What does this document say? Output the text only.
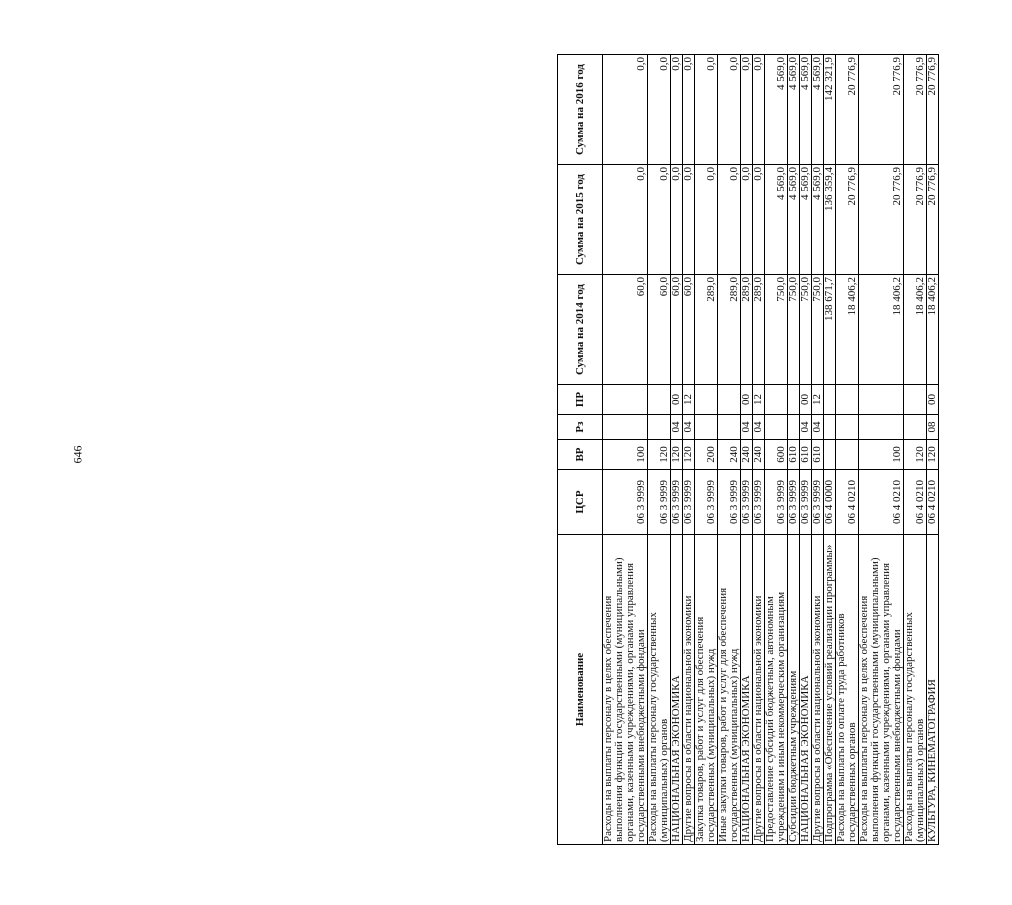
646
Наименование	ЦСР	ВР	Рз	ПР	Сумма на 2014 год	Сумма на 2015 год	Сумма на 2016 год
Расходы на выплаты персоналу в целях обеспечения выполнения функций государственными (муниципальными) органами, казенными учреждениями, органами управления государственными внебюджетными фондами	06 3 9999	100			60,0	0,0	0,0
Расходы на выплаты персоналу государственных (муниципальных) органов	06 3 9999	120			60,0	0,0	0,0
НАЦИОНАЛЬНАЯ ЭКОНОМИКА	06 3 9999	120	04	00	60,0	0,0	0,0
Другие вопросы в области национальной экономики	06 3 9999	120	04	12	60,0	0,0	0,0
Закупка товаров, работ и услуг для обеспечения государственных (муниципальных) нужд	06 3 9999	200			289,0	0,0	0,0
Иные закупки товаров, работ и услуг для обеспечения государственных (муниципальных) нужд	06 3 9999	240			289,0	0,0	0,0
НАЦИОНАЛЬНАЯ ЭКОНОМИКА	06 3 9999	240	04	00	289,0	0,0	0,0
Другие вопросы в области национальной экономики	06 3 9999	240	04	12	289,0	0,0	0,0
Предоставление субсидий бюджетным, автономным учреждениям и иным некоммерческим организациям	06 3 9999	600			750,0	4 569,0	4 569,0
Субсидии бюджетным учреждениям	06 3 9999	610			750,0	4 569,0	4 569,0
НАЦИОНАЛЬНАЯ ЭКОНОМИКА	06 3 9999	610	04	00	750,0	4 569,0	4 569,0
Другие вопросы в области национальной экономики	06 3 9999	610	04	12	750,0	4 569,0	4 569,0
Подпрограмма «Обеспечение условий реализации программы»	06 4 0000				138 671,7	136 359,4	142 321,9
Расходы на выплаты по оплате труда работников государственных органов	06 4 0210				18 406,2	20 776,9	20 776,9
Расходы на выплаты персоналу в целях обеспечения выполнения функций государственными (муниципальными) органами, казенными учреждениями, органами управления государственными внебюджетными фондами	06 4 0210	100			18 406,2	20 776,9	20 776,9
Расходы на выплаты персоналу государственных (муниципальных) органов	06 4 0210	120			18 406,2	20 776,9	20 776,9
КУЛЬТУРА, КИНЕМАТОГРАФИЯ	06 4 0210	120	08	00	18 406,2	20 776,9	20 776,9
